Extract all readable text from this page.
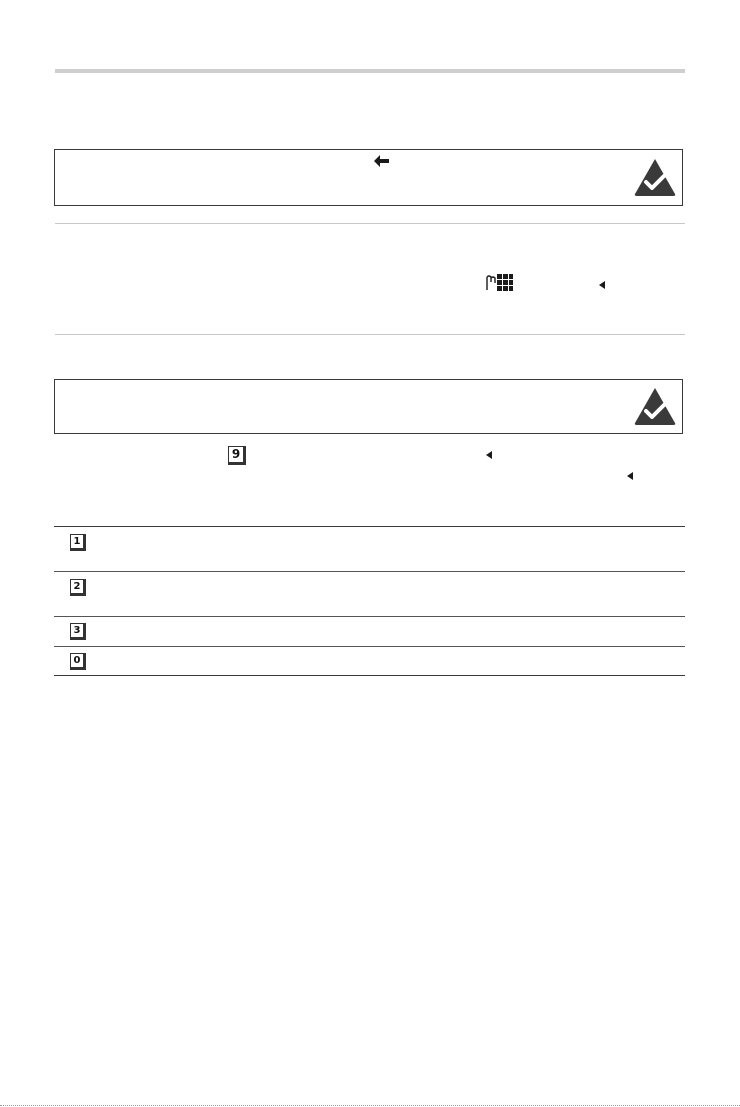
9
1
2
3
0
